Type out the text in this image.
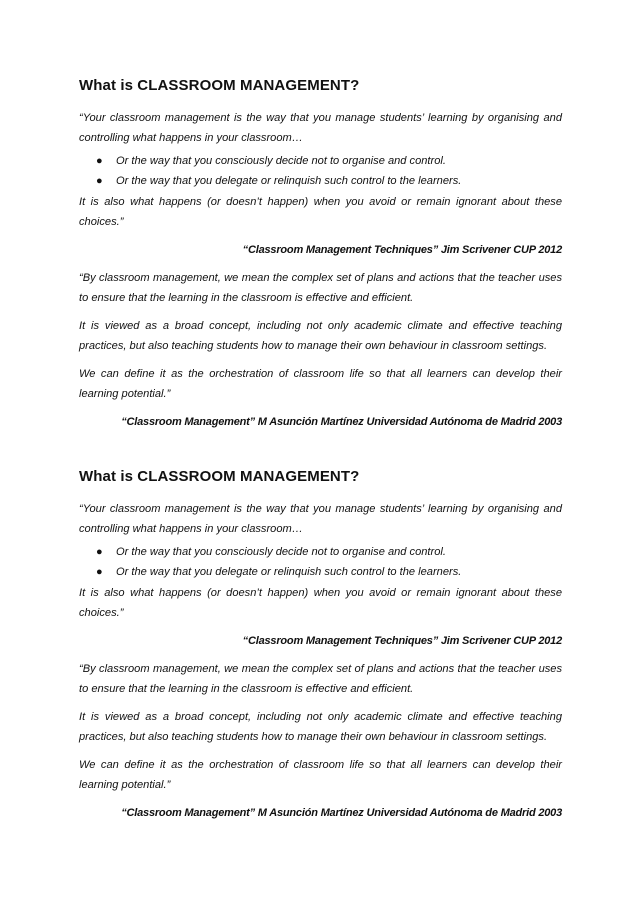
What is CLASSROOM MANAGEMENT?

“Your classroom management is the way that you manage students’ learning by organising and controlling what happens in your classroom…

● Or the way that you consciously decide not to organise and control.
● Or the way that you delegate or relinquish such control to the learners.

It is also what happens (or doesn’t happen) when you avoid or remain ignorant about these choices.”

“Classroom Management Techniques” Jim Scrivener CUP 2012

“By classroom management, we mean the complex set of plans and actions that the teacher uses to ensure that the learning in the classroom is effective and efficient.

It is viewed as a broad concept, including not only academic climate and effective teaching practices, but also teaching students how to manage their own behaviour in classroom settings.

We can define it as the orchestration of classroom life so that all learners can develop their learning potential.”

“Classroom Management” M Asunción Martínez Universidad Autónoma de Madrid 2003

What is CLASSROOM MANAGEMENT?

“Your classroom management is the way that you manage students’ learning by organising and controlling what happens in your classroom…

● Or the way that you consciously decide not to organise and control.
● Or the way that you delegate or relinquish such control to the learners.

It is also what happens (or doesn’t happen) when you avoid or remain ignorant about these choices.”

“Classroom Management Techniques” Jim Scrivener CUP 2012

“By classroom management, we mean the complex set of plans and actions that the teacher uses to ensure that the learning in the classroom is effective and efficient.

It is viewed as a broad concept, including not only academic climate and effective teaching practices, but also teaching students how to manage their own behaviour in classroom settings.

We can define it as the orchestration of classroom life so that all learners can develop their learning potential.”

“Classroom Management” M Asunción Martínez Universidad Autónoma de Madrid 2003
